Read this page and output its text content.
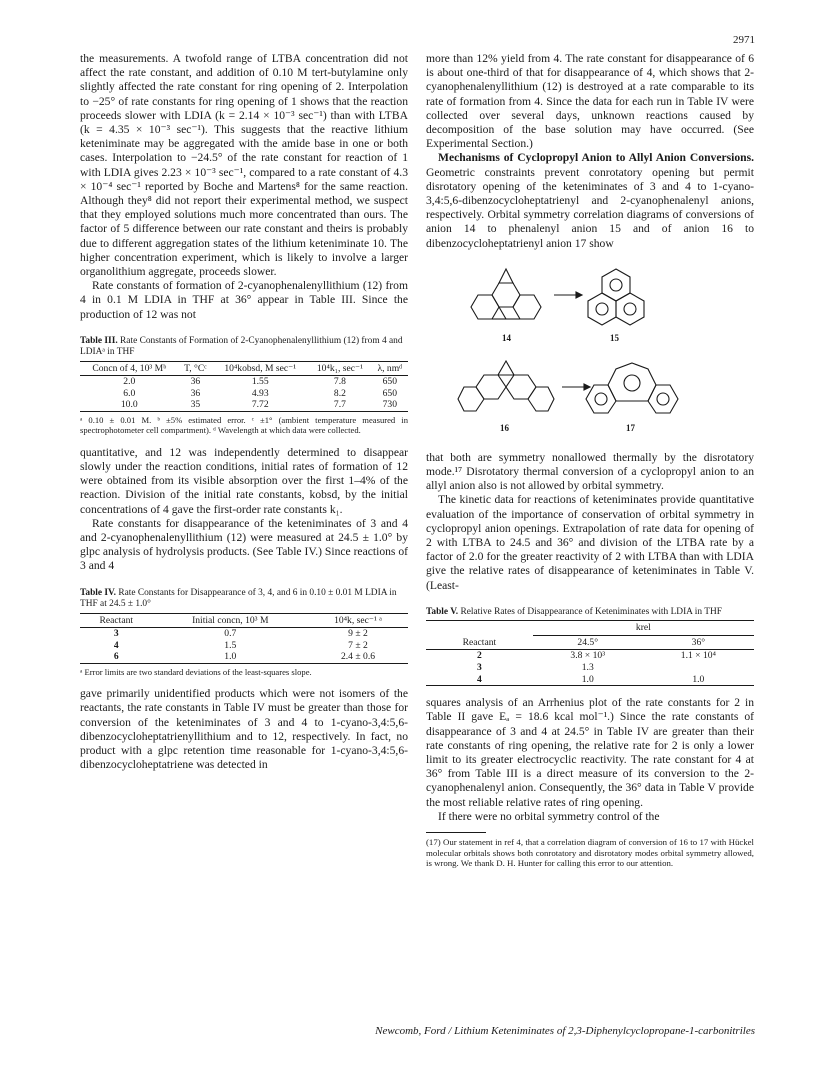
2971

the measurements. A twofold range of LTBA concentration did not affect the rate constant, and addition of 0.10 M tert-butylamine only slightly affected the rate constant for ring opening of 2. Interpolation to −25° of rate constants for ring opening of 1 shows that the reaction proceeds slower with LDIA (k = 2.14 × 10⁻³ sec⁻¹) than with LTBA (k = 4.35 × 10⁻³ sec⁻¹). This suggests that the reactive lithium keteniminate may be aggregated with the amide base in one or both cases. Interpolation to −24.5° of the rate constant for reaction of 1 with LDIA gives 2.23 × 10⁻³ sec⁻¹, compared to a rate constant of 4.3 × 10⁻⁴ sec⁻¹ reported by Boche and Martens⁸ for the same reaction. Although they⁸ did not report their experimental method, we suspect that they employed solutions much more concentrated than ours. The factor of 5 difference between our rate constant and theirs is probably due to different aggregation states of the lithium keteniminate 10. The higher concentration experiment, which is likely to involve a larger organolithium aggregate, proceeds slower.

Rate constants of formation of 2-cyanophenalenyllithium (12) from 4 in 0.1 M LDIA in THF at 36° appear in Table III. Since the production of 12 was not

Table III. Rate Constants of Formation of 2-Cyanophenalenyllithium (12) from 4 and LDIAᵃ in THF
Concn of 4, 10³ Mᵇ	T, °Cᶜ	10⁴kobsd, M sec⁻¹	10⁴k₁, sec⁻¹	λ, nmᵈ
2.0	36	1.55	7.8	650
6.0	36	4.93	8.2	650
10.0	35	7.72	7.7	730
ᵃ 0.10 ± 0.01 M. ᵇ ±5% estimated error. ᶜ ±1° (ambient temperature measured in spectrophotometer cell compartment). ᵈ Wavelength at which data were collected.

quantitative, and 12 was independently determined to disappear slowly under the reaction conditions, initial rates of formation of 12 were obtained from its visible absorption over the first 1–4% of the reaction. Division of the initial rate constants, kobsd, by the initial concentrations of 4 gave the first-order rate constants k₁.

Rate constants for disappearance of the keteniminates of 3 and 4 and 2-cyanophenalenyllithium (12) were measured at 24.5 ± 1.0° by glpc analysis of hydrolysis products. (See Table IV.) Since reactions of 3 and 4

Table IV. Rate Constants for Disappearance of 3, 4, and 6 in 0.10 ± 0.01 M LDIA in THF at 24.5 ± 1.0°
Reactant	Initial concn, 10³ M	10⁴k, sec⁻¹ ᵃ
3	0.7	9 ± 2
4	1.5	7 ± 2
6	1.0	2.4 ± 0.6
ᵃ Error limits are two standard deviations of the least-squares slope.

gave primarily unidentified products which were not isomers of the reactants, the rate constants in Table IV must be greater than those for conversion of the keteniminates of 3 and 4 to 1-cyano-3,4:5,6-dibenzocycloheptatrienyllithium and to 12, respectively. In fact, no product with a glpc retention time reasonable for 1-cyano-3,4:5,6-dibenzocycloheptatriene was detected in

more than 12% yield from 4. The rate constant for disappearance of 6 is about one-third of that for disappearance of 4, which shows that 2-cyanophenalenyllithium (12) is destroyed at a rate comparable to its rate of formation from 4. Since the data for each run in Table IV were collected over several days, unknown reactions caused by decomposition of the base solution may have occurred. (See Experimental Section.)

Mechanisms of Cyclopropyl Anion to Allyl Anion Conversions. Geometric constraints prevent conrotatory opening but permit disrotatory opening of the keteniminates of 3 and 4 to 1-cyano-3,4:5,6-dibenzocycloheptatrienyl and 2-cyanophenalenyl anions, respectively. Orbital symmetry correlation diagrams of conversions of anion 14 to phenalenyl anion 15 and of anion 16 to dibenzocycloheptatrienyl anion 17 show

14	15
16	17

that both are symmetry nonallowed thermally by the disrotatory mode.¹⁷ Disrotatory thermal conversion of a cyclopropyl anion to an allyl anion also is not allowed by orbital symmetry.

The kinetic data for reactions of keteniminates provide quantitative evaluation of the importance of conservation of orbital symmetry in cyclopropyl anion openings. Extrapolation of rate data for opening of 2 with LTBA to 24.5 and 36° and division of the LTBA rate by a factor of 2.0 for the greater reactivity of 2 with LTBA than with LDIA give the relative rates of disappearance of keteniminates in Table V. (Least-

Table V. Relative Rates of Disappearance of Keteniminates with LDIA in THF
	krel	
Reactant	24.5°	36°
2	3.8 × 10³	1.1 × 10⁴
3	1.3	
4	1.0	1.0

squares analysis of an Arrhenius plot of the rate constants for 2 in Table II gave Eₐ = 18.6 kcal mol⁻¹.) Since the rate constants of disappearance of 3 and 4 at 24.5° in Table IV are greater than their rate constants of ring opening, the relative rate for 2 is only a lower limit to its greater electrocyclic reactivity. The rate constant for 4 at 36° from Table III is a direct measure of its conversion to the 2-cyanophenalenyl anion. Consequently, the 36° data in Table V provide the most reliable relative rates of ring opening.

If there were no orbital symmetry control of the

(17) Our statement in ref 4, that a correlation diagram of conversion of 16 to 17 with Hückel molecular orbitals shows both conrotatory and disrotatory modes orbital symmetry allowed, is wrong. We thank D. H. Hunter for calling this error to our attention.
Newcomb, Ford / Lithium Keteniminates of 2,3-Diphenylcyclopropane-1-carbonitriles
